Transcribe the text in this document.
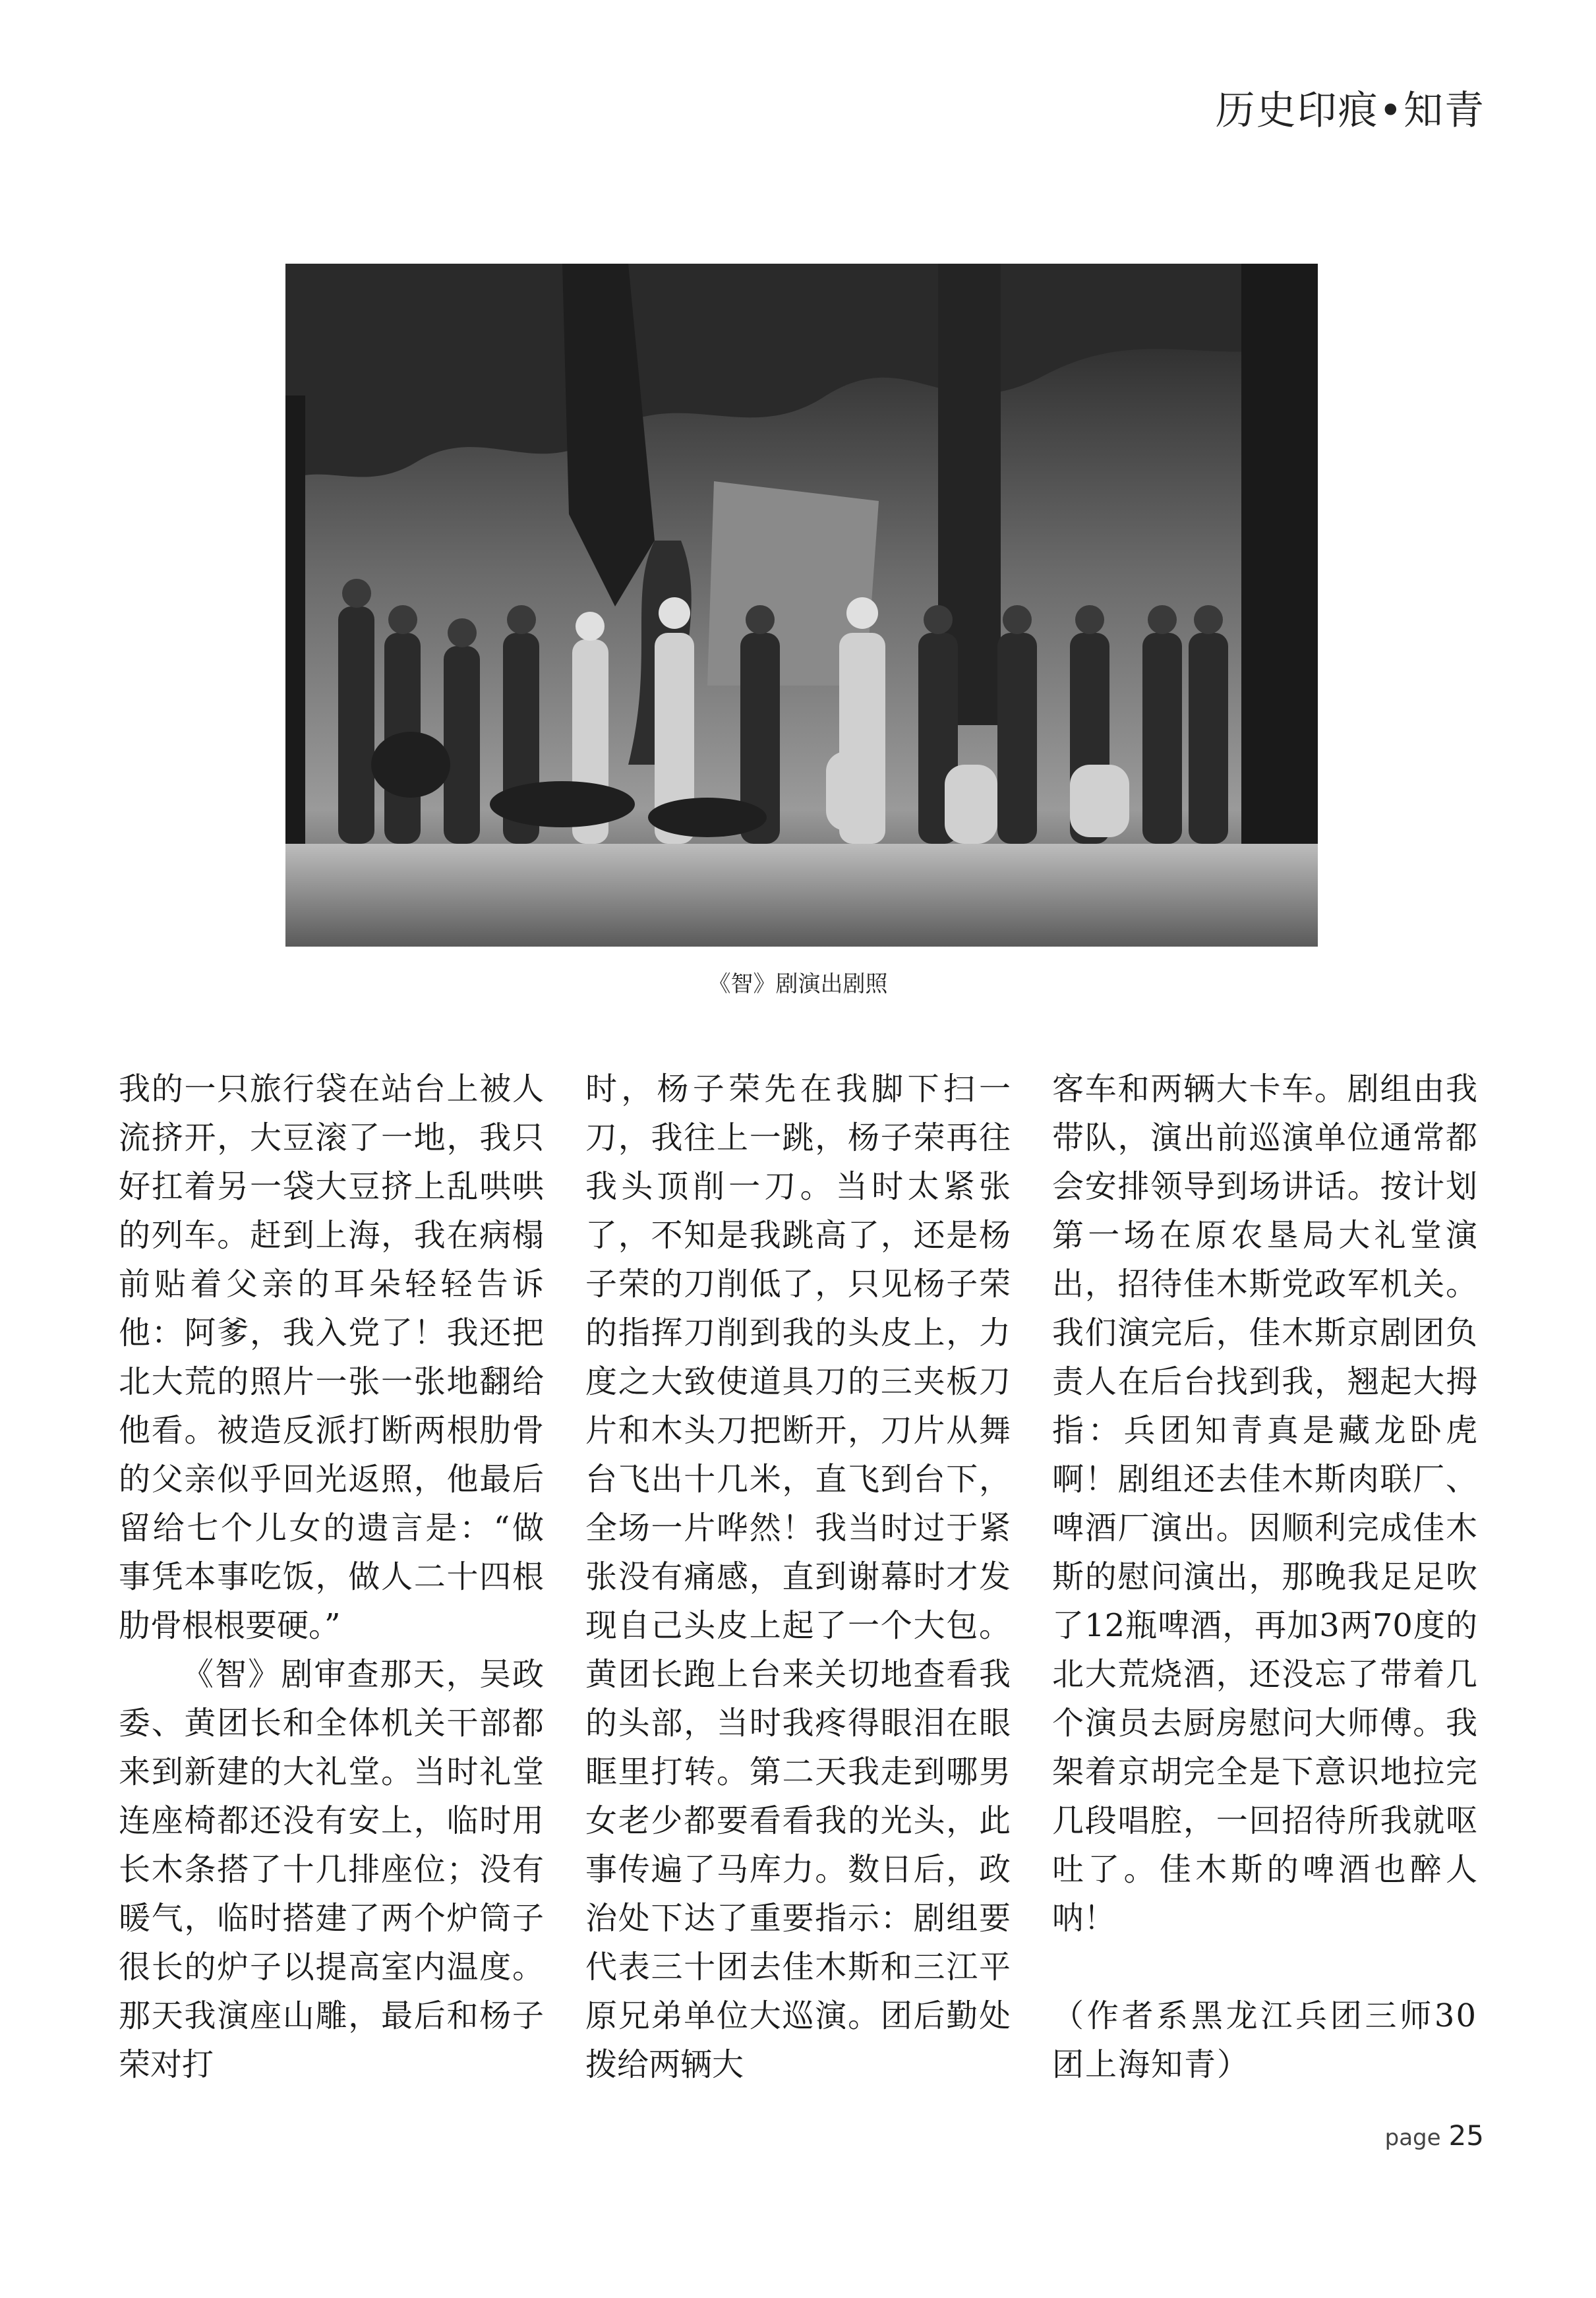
历史印痕•知青
《智》剧演出剧照

我的一只旅行袋在站台上被人流挤开，大豆滚了一地，我只好扛着另一袋大豆挤上乱哄哄的列车。赶到上海，我在病榻前贴着父亲的耳朵轻轻告诉他：阿爹，我入党了！我还把北大荒的照片一张一张地翻给他看。被造反派打断两根肋骨的父亲似乎回光返照，他最后留给七个儿女的遗言是：“做事凭本事吃饭，做人二十四根肋骨根根要硬。”

《智》剧审查那天，吴政委、黄团长和全体机关干部都来到新建的大礼堂。当时礼堂连座椅都还没有安上，临时用长木条搭了十几排座位；没有暖气，临时搭建了两个炉筒子很长的炉子以提高室内温度。那天我演座山雕，最后和杨子荣对打

时，杨子荣先在我脚下扫一刀，我往上一跳，杨子荣再往我头顶削一刀。当时太紧张了，不知是我跳高了，还是杨子荣的刀削低了，只见杨子荣的指挥刀削到我的头皮上，力度之大致使道具刀的三夹板刀片和木头刀把断开，刀片从舞台飞出十几米，直飞到台下，全场一片哗然！我当时过于紧张没有痛感，直到谢幕时才发现自己头皮上起了一个大包。黄团长跑上台来关切地查看我的头部，当时我疼得眼泪在眼眶里打转。第二天我走到哪男女老少都要看看我的光头，此事传遍了马库力。数日后，政治处下达了重要指示：剧组要代表三十团去佳木斯和三江平原兄弟单位大巡演。团后勤处拨给两辆大

客车和两辆大卡车。剧组由我带队，演出前巡演单位通常都会安排领导到场讲话。按计划第一场在原农垦局大礼堂演出，招待佳木斯党政军机关。我们演完后，佳木斯京剧团负责人在后台找到我，翘起大拇指：兵团知青真是藏龙卧虎啊！剧组还去佳木斯肉联厂、啤酒厂演出。因顺利完成佳木斯的慰问演出，那晚我足足吹了12瓶啤酒，再加3两70度的北大荒烧酒，还没忘了带着几个演员去厨房慰问大师傅。我架着京胡完全是下意识地拉完几段唱腔，一回招待所我就呕吐了。佳木斯的啤酒也醉人呐！

（作者系黑龙江兵团三师30团上海知青）

page 25
